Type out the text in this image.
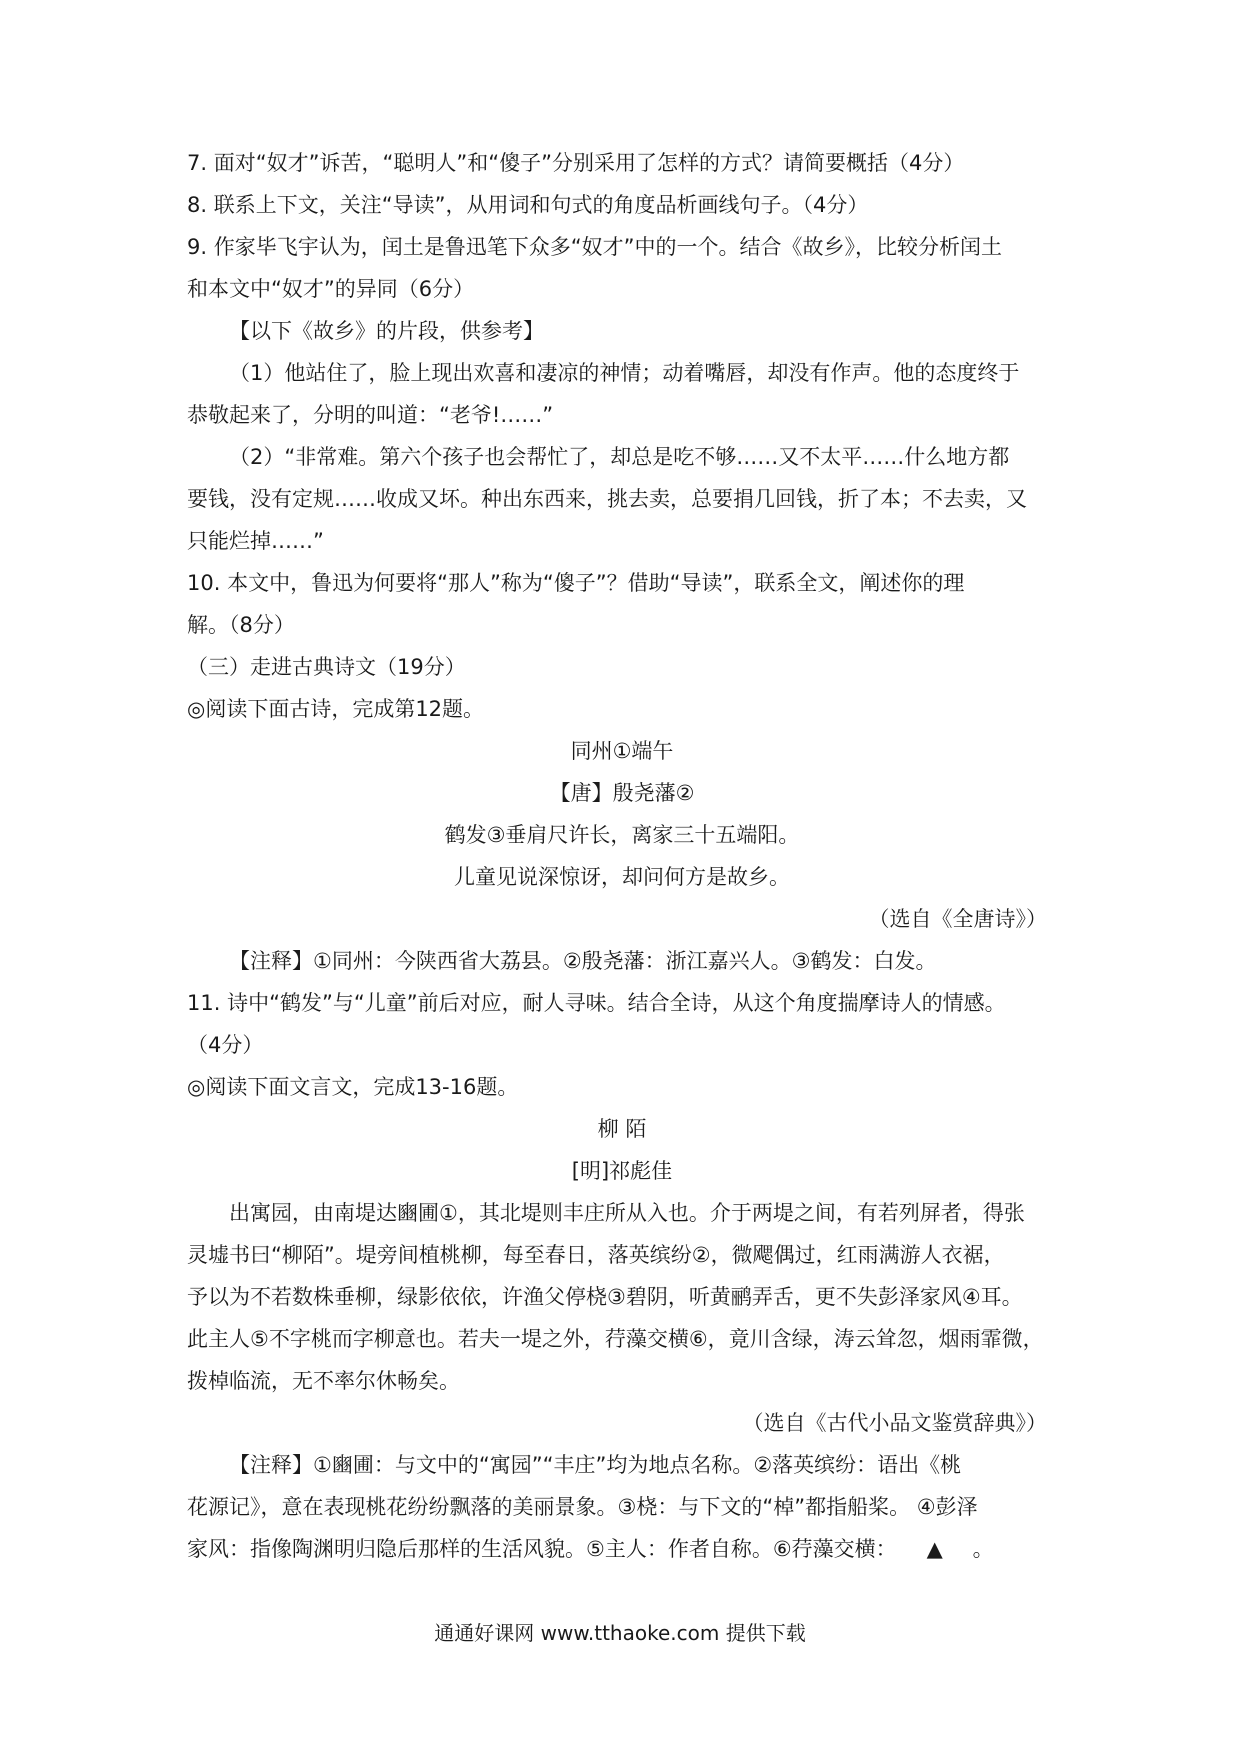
7. 面对“奴才”诉苦，“聪明人”和“傻子”分别采用了怎样的方式？请简要概括（4分）
8. 联系上下文，关注“导读”，从用词和句式的角度品析画线句子。（4分）
9. 作家毕飞宇认为，闰土是鲁迅笔下众多“奴才”中的一个。结合《故乡》，比较分析闰土
和本文中“奴才”的异同（6分）
【以下《故乡》的片段，供参考】
（1）他站住了，脸上现出欢喜和凄凉的神情；动着嘴唇，却没有作声。他的态度终于
恭敬起来了，分明的叫道：“老爷!……”
（2）“非常难。第六个孩子也会帮忙了，却总是吃不够……又不太平……什么地方都
要钱，没有定规……收成又坏。种出东西来，挑去卖，总要捐几回钱，折了本；不去卖，又
只能烂掉……”
10. 本文中，鲁迅为何要将“那人”称为“傻子”？借助“导读”，联系全文，阐述你的理
解。（8分）
（三）走进古典诗文（19分）
◎阅读下面古诗，完成第12题。
同州①端午
【唐】殷尧藩②
鹤发③垂肩尺许长，离家三十五端阳。
儿童见说深惊讶，却问何方是故乡。
（选自《全唐诗》）
【注释】①同州：今陕西省大荔县。②殷尧藩：浙江嘉兴人。③鹤发：白发。
11. 诗中“鹤发”与“儿童”前后对应，耐人寻味。结合全诗，从这个角度揣摩诗人的情感。
（4分）
◎阅读下面文言文，完成13-16题。
柳 陌
[明]祁彪佳
出寓园，由南堤达豳圃①，其北堤则丰庄所从入也。介于两堤之间，有若列屏者，得张
灵墟书曰“柳陌”。堤旁间植桃柳，每至春日，落英缤纷②，微飔偶过，红雨满游人衣裾，
予以为不若数株垂柳，绿影依依，许渔父停桡③碧阴，听黄鹂弄舌，更不失彭泽家风④耳。
此主人⑤不字桃而字柳意也。若夫一堤之外，荇藻交横⑥，竟川含绿，涛云耸忽，烟雨霏微，
拨棹临流，无不率尔休畅矣。
（选自《古代小品文鉴赏辞典》）
【注释】①豳圃：与文中的“寓园”“丰庄”均为地点名称。②落英缤纷：语出《桃
花源记》，意在表现桃花纷纷飘落的美丽景象。③桡：与下文的“棹”都指船桨。 ④彭泽
家风：指像陶渊明归隐后那样的生活风貌。⑤主人：作者自称。⑥荇藻交横： ▲ 。
通通好课网 www.tthaoke.com 提供下载
